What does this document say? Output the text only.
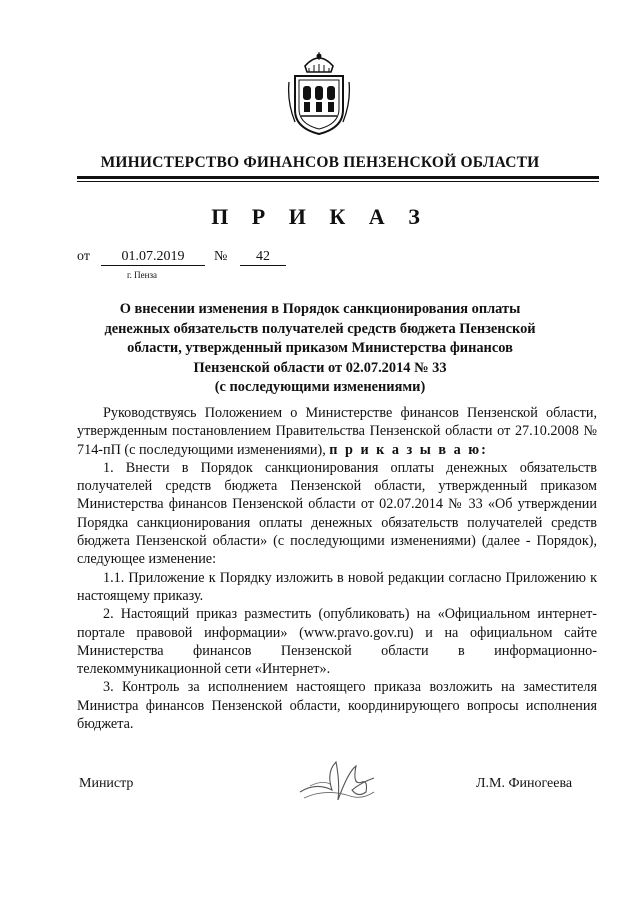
МИНИСТЕРСТВО ФИНАНСОВ ПЕНЗЕНСКОЙ ОБЛАСТИ
П Р И К А З
от	01.07.2019	№	42
г. Пенза
О внесении изменения в Порядок санкционирования оплаты
денежных обязательств получателей средств бюджета Пензенской
области, утвержденный приказом Министерства финансов
Пензенской области от 02.07.2014 № 33
(с последующими изменениями)

Руководствуясь Положением о Министерстве финансов Пензенской области, утвержденным постановлением Правительства Пензенской области от 27.10.2008 № 714-пП (с последующими изменениями), п р и к а з ы в а ю:

1. Внести в Порядок санкционирования оплаты денежных обязательств получателей средств бюджета Пензенской области, утвержденный приказом Министерства финансов Пензенской области от 02.07.2014 № 33 «Об утверждении Порядка санкционирования оплаты денежных обязательств получателей средств бюджета Пензенской области» (с последующими изменениями) (далее - Порядок), следующее изменение:

1.1. Приложение к Порядку изложить в новой редакции согласно Приложению к настоящему приказу.

2. Настоящий приказ разместить (опубликовать) на «Официальном интернет-портале правовой информации» (www.pravo.gov.ru) и на официальном сайте Министерства финансов Пензенской области в информационно-телекоммуникационной сети «Интернет».

3. Контроль за исполнением настоящего приказа возложить на заместителя Министра финансов Пензенской области, координирующего вопросы исполнения бюджета.

Министр	Л.М. Финогеева
